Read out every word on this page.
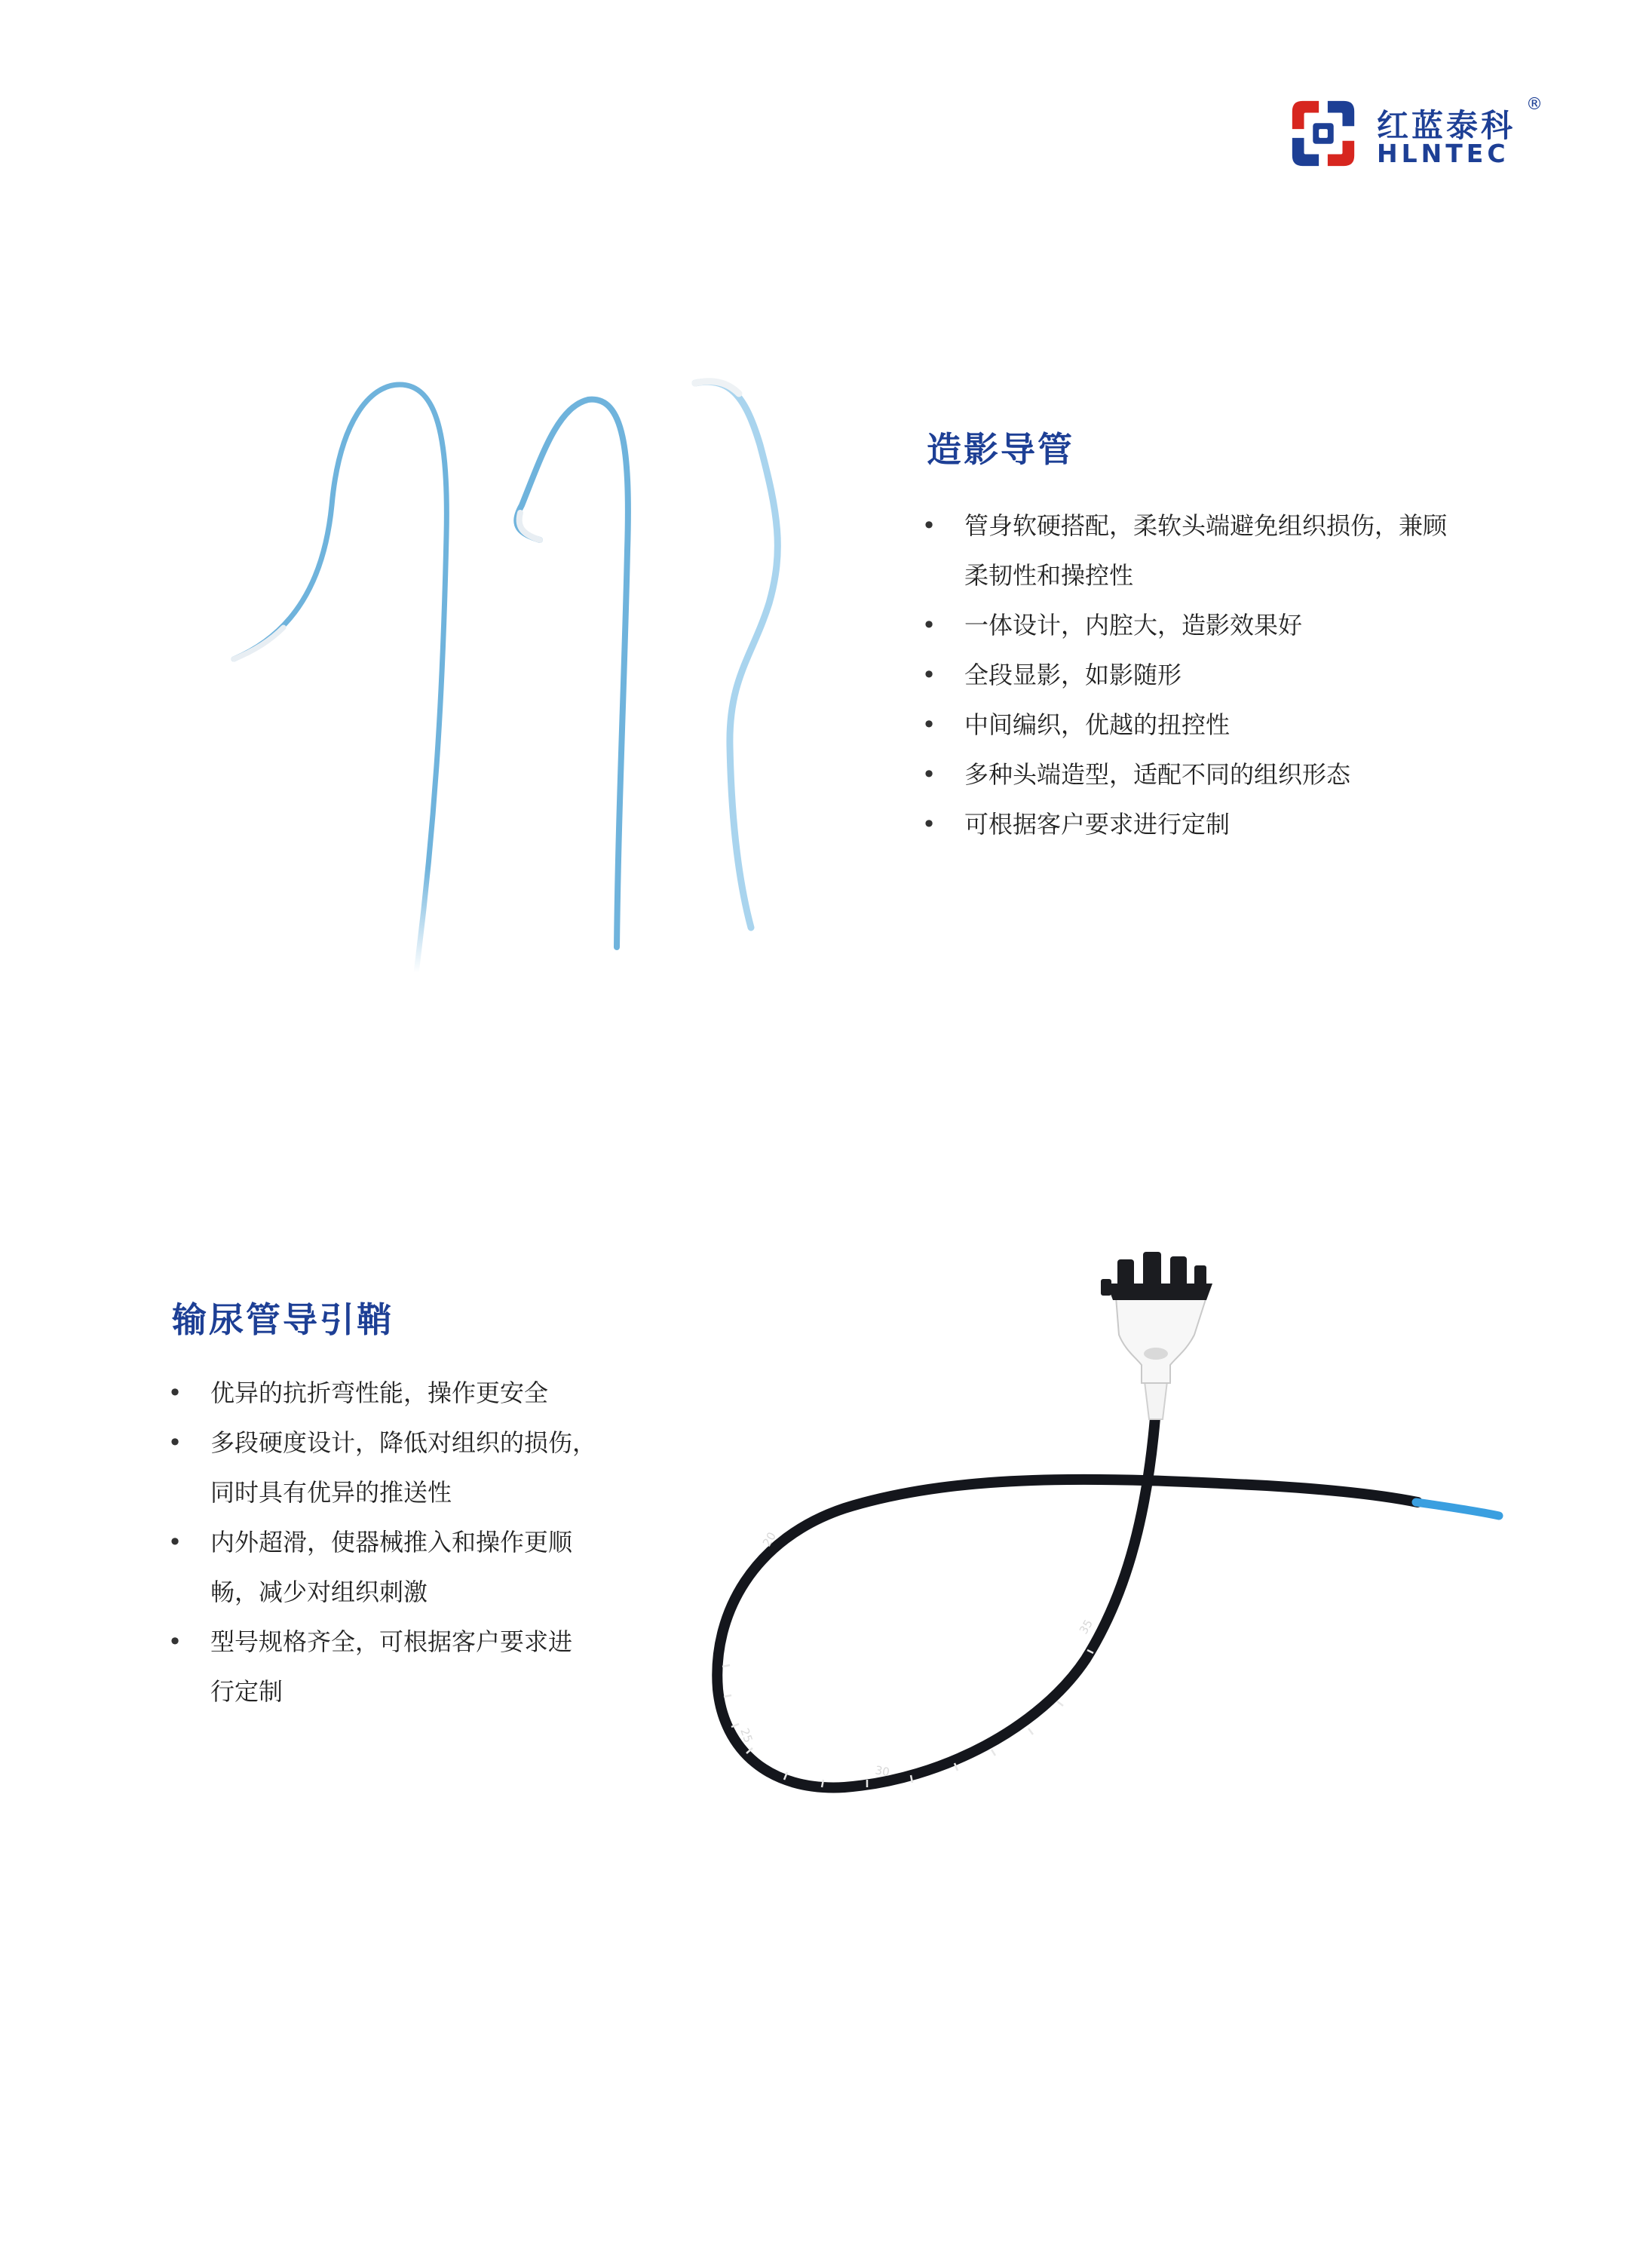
红蓝泰科
®
HLNTEC
造影导管
• 管身软硬搭配，柔软头端避免组织损伤，兼顾
柔韧性和操控性
• 一体设计，内腔大，造影效果好
• 全段显影，如影随形
• 中间编织，优越的扭控性
• 多种头端造型，适配不同的组织形态
• 可根据客户要求进行定制
输尿管导引鞘
• 优异的抗折弯性能，操作更安全
• 多段硬度设计，降低对组织的损伤，
同时具有优异的推送性
• 内外超滑，使器械推入和操作更顺
畅，减少对组织刺激
• 型号规格齐全，可根据客户要求进
行定制
20
25
30
35
